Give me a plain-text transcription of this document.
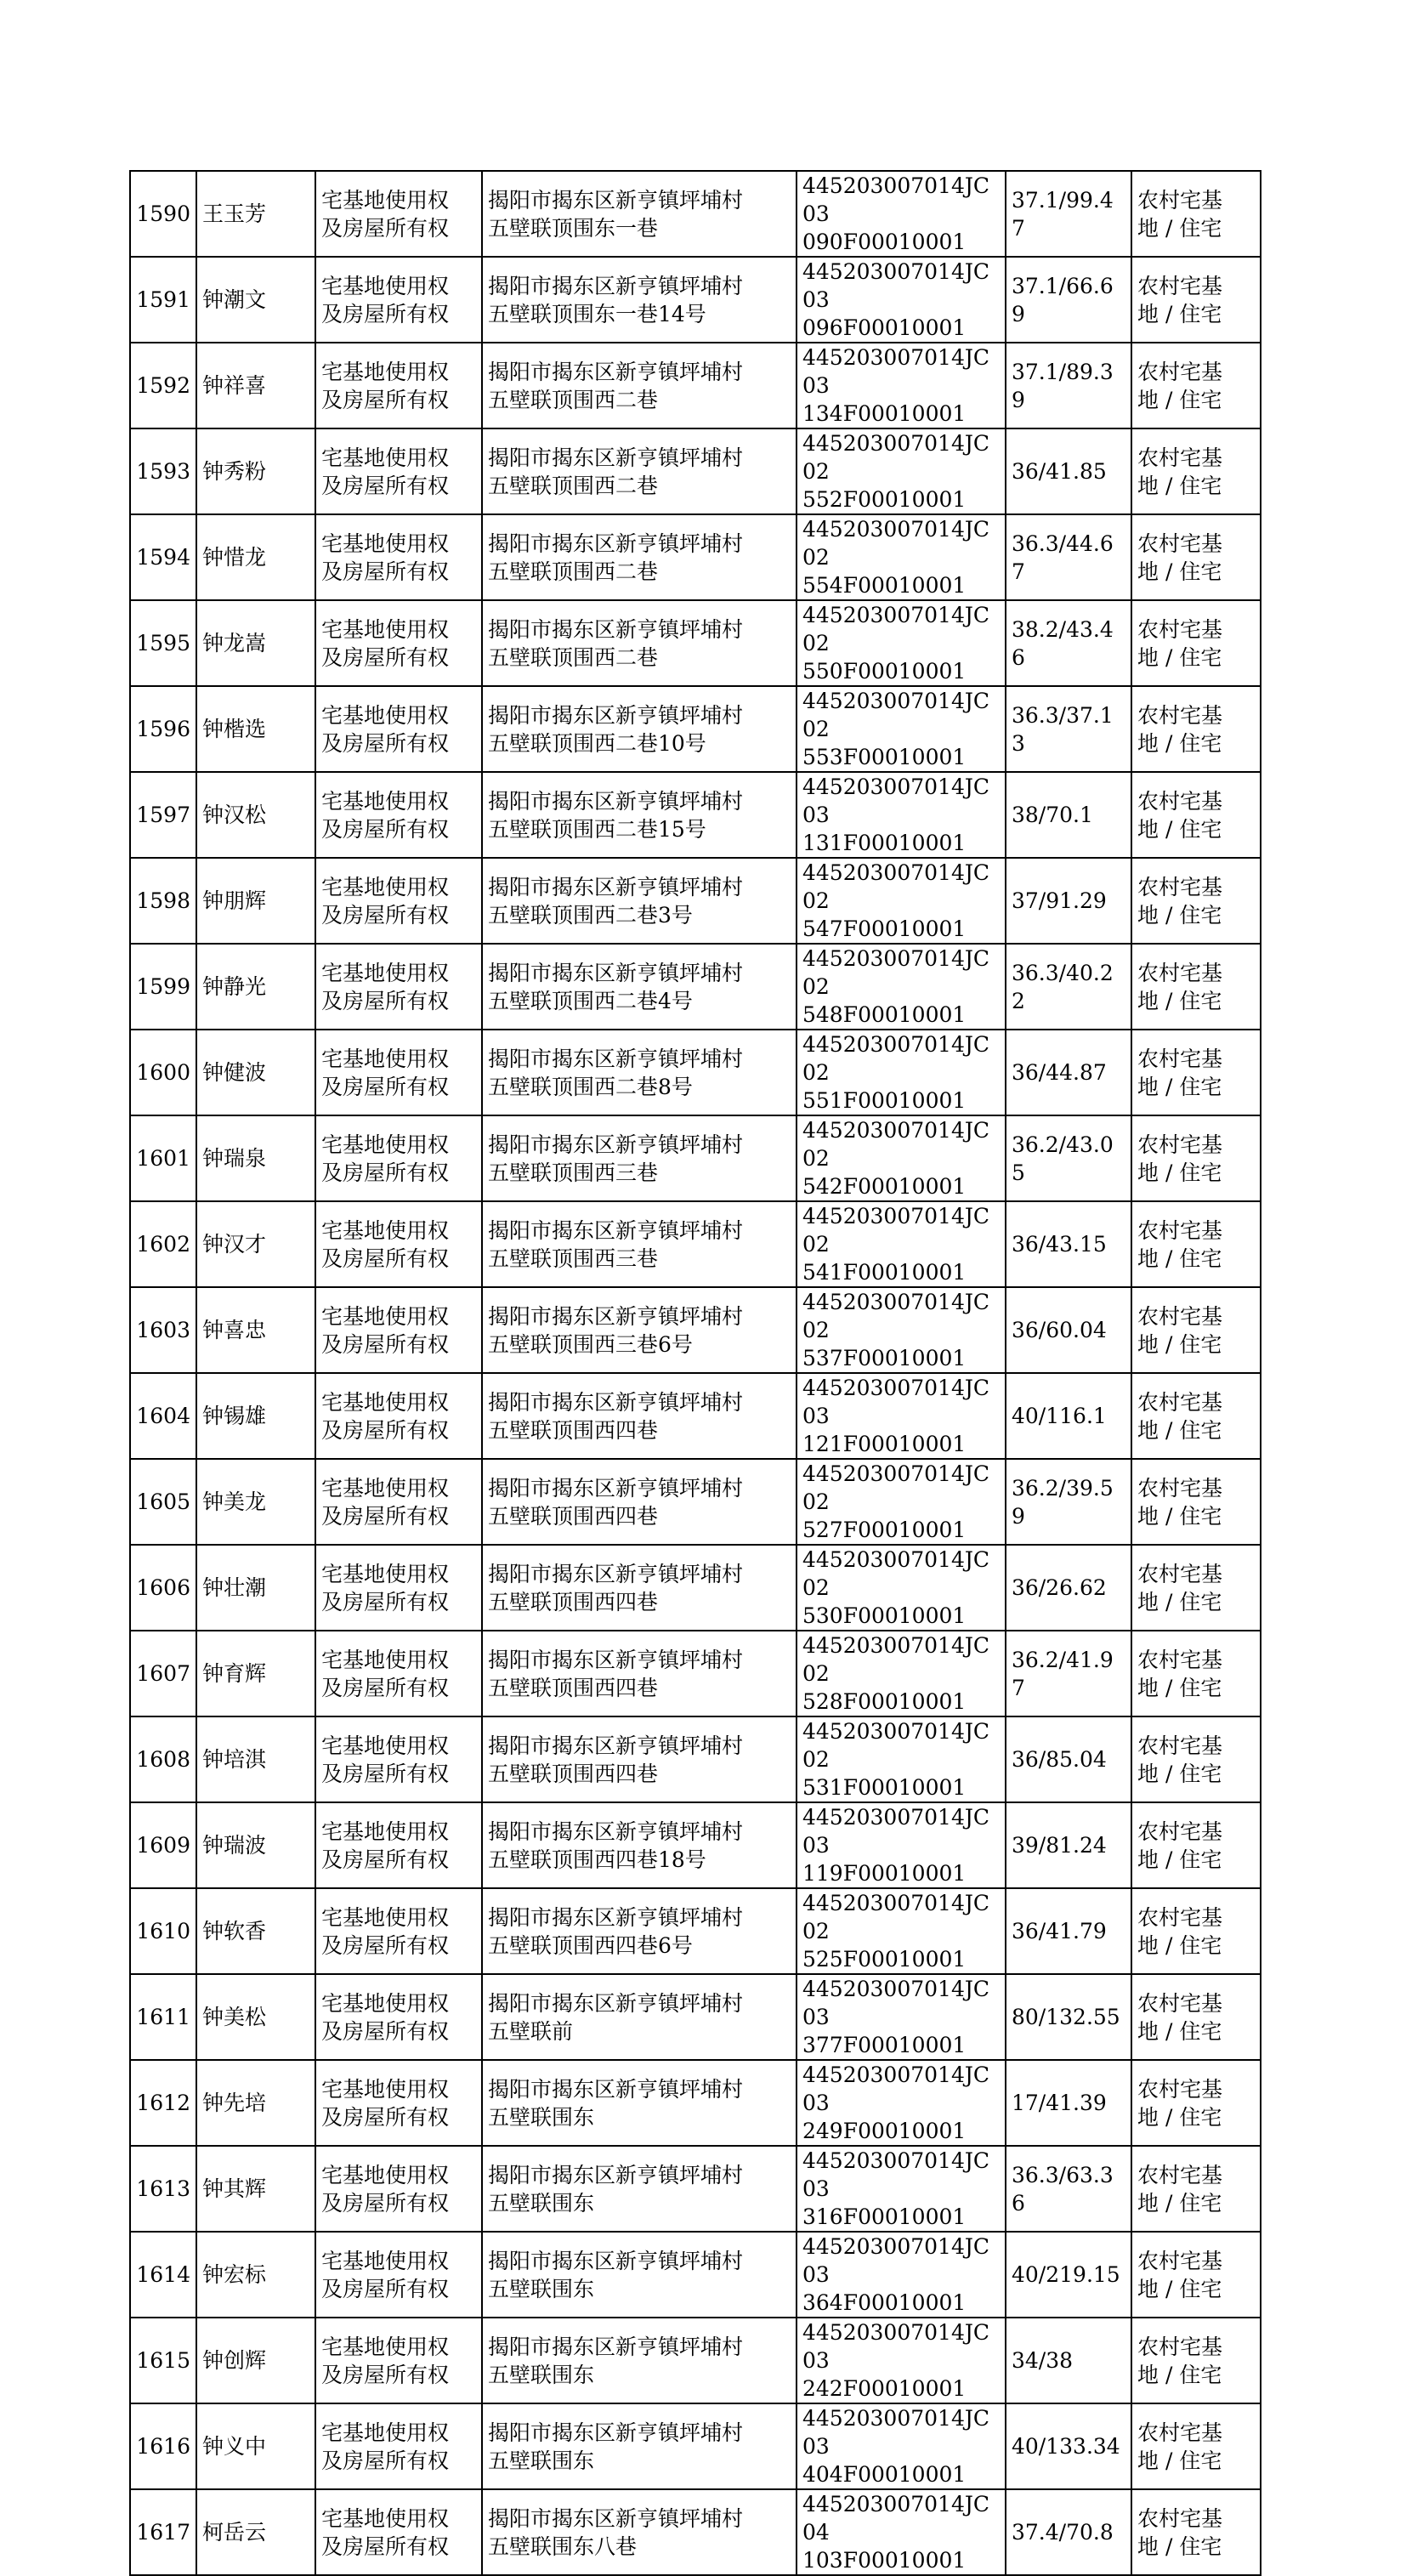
1590	王玉芳	宅基地使用权
及房屋所有权	揭阳市揭东区新亨镇坪埔村
五壁联顶围东一巷	445203007014JC03
090F00010001	37.1/99.4
7	农村宅基
地 / 住宅

1591	钟潮文	宅基地使用权
及房屋所有权	揭阳市揭东区新亨镇坪埔村
五壁联顶围东一巷14号	445203007014JC03
096F00010001	37.1/66.6
9	农村宅基
地 / 住宅

1592	钟祥喜	宅基地使用权
及房屋所有权	揭阳市揭东区新亨镇坪埔村
五壁联顶围西二巷	445203007014JC03
134F00010001	37.1/89.3
9	农村宅基
地 / 住宅

1593	钟秀粉	宅基地使用权
及房屋所有权	揭阳市揭东区新亨镇坪埔村
五壁联顶围西二巷	445203007014JC02
552F00010001	36/41.85	农村宅基
地 / 住宅

1594	钟惜龙	宅基地使用权
及房屋所有权	揭阳市揭东区新亨镇坪埔村
五壁联顶围西二巷	445203007014JC02
554F00010001	36.3/44.6
7	农村宅基
地 / 住宅

1595	钟龙嵩	宅基地使用权
及房屋所有权	揭阳市揭东区新亨镇坪埔村
五壁联顶围西二巷	445203007014JC02
550F00010001	38.2/43.4
6	农村宅基
地 / 住宅

1596	钟楷选	宅基地使用权
及房屋所有权	揭阳市揭东区新亨镇坪埔村
五壁联顶围西二巷10号	445203007014JC02
553F00010001	36.3/37.1
3	农村宅基
地 / 住宅

1597	钟汉松	宅基地使用权
及房屋所有权	揭阳市揭东区新亨镇坪埔村
五壁联顶围西二巷15号	445203007014JC03
131F00010001	38/70.1	农村宅基
地 / 住宅

1598	钟朋辉	宅基地使用权
及房屋所有权	揭阳市揭东区新亨镇坪埔村
五壁联顶围西二巷3号	445203007014JC02
547F00010001	37/91.29	农村宅基
地 / 住宅

1599	钟静光	宅基地使用权
及房屋所有权	揭阳市揭东区新亨镇坪埔村
五壁联顶围西二巷4号	445203007014JC02
548F00010001	36.3/40.2
2	农村宅基
地 / 住宅

1600	钟健波	宅基地使用权
及房屋所有权	揭阳市揭东区新亨镇坪埔村
五壁联顶围西二巷8号	445203007014JC02
551F00010001	36/44.87	农村宅基
地 / 住宅

1601	钟瑞泉	宅基地使用权
及房屋所有权	揭阳市揭东区新亨镇坪埔村
五壁联顶围西三巷	445203007014JC02
542F00010001	36.2/43.0
5	农村宅基
地 / 住宅

1602	钟汉才	宅基地使用权
及房屋所有权	揭阳市揭东区新亨镇坪埔村
五壁联顶围西三巷	445203007014JC02
541F00010001	36/43.15	农村宅基
地 / 住宅

1603	钟喜忠	宅基地使用权
及房屋所有权	揭阳市揭东区新亨镇坪埔村
五壁联顶围西三巷6号	445203007014JC02
537F00010001	36/60.04	农村宅基
地 / 住宅

1604	钟锡雄	宅基地使用权
及房屋所有权	揭阳市揭东区新亨镇坪埔村
五壁联顶围西四巷	445203007014JC03
121F00010001	40/116.1	农村宅基
地 / 住宅

1605	钟美龙	宅基地使用权
及房屋所有权	揭阳市揭东区新亨镇坪埔村
五壁联顶围西四巷	445203007014JC02
527F00010001	36.2/39.5
9	农村宅基
地 / 住宅

1606	钟壮潮	宅基地使用权
及房屋所有权	揭阳市揭东区新亨镇坪埔村
五壁联顶围西四巷	445203007014JC02
530F00010001	36/26.62	农村宅基
地 / 住宅

1607	钟育辉	宅基地使用权
及房屋所有权	揭阳市揭东区新亨镇坪埔村
五壁联顶围西四巷	445203007014JC02
528F00010001	36.2/41.9
7	农村宅基
地 / 住宅

1608	钟培淇	宅基地使用权
及房屋所有权	揭阳市揭东区新亨镇坪埔村
五壁联顶围西四巷	445203007014JC02
531F00010001	36/85.04	农村宅基
地 / 住宅

1609	钟瑞波	宅基地使用权
及房屋所有权	揭阳市揭东区新亨镇坪埔村
五壁联顶围西四巷18号	445203007014JC03
119F00010001	39/81.24	农村宅基
地 / 住宅

1610	钟软香	宅基地使用权
及房屋所有权	揭阳市揭东区新亨镇坪埔村
五壁联顶围西四巷6号	445203007014JC02
525F00010001	36/41.79	农村宅基
地 / 住宅

1611	钟美松	宅基地使用权
及房屋所有权	揭阳市揭东区新亨镇坪埔村
五壁联前	445203007014JC03
377F00010001	80/132.55	农村宅基
地 / 住宅

1612	钟先培	宅基地使用权
及房屋所有权	揭阳市揭东区新亨镇坪埔村
五壁联围东	445203007014JC03
249F00010001	17/41.39	农村宅基
地 / 住宅

1613	钟其辉	宅基地使用权
及房屋所有权	揭阳市揭东区新亨镇坪埔村
五壁联围东	445203007014JC03
316F00010001	36.3/63.3
6	农村宅基
地 / 住宅

1614	钟宏标	宅基地使用权
及房屋所有权	揭阳市揭东区新亨镇坪埔村
五壁联围东	445203007014JC03
364F00010001	40/219.15	农村宅基
地 / 住宅

1615	钟创辉	宅基地使用权
及房屋所有权	揭阳市揭东区新亨镇坪埔村
五壁联围东	445203007014JC03
242F00010001	34/38	农村宅基
地 / 住宅

1616	钟义中	宅基地使用权
及房屋所有权	揭阳市揭东区新亨镇坪埔村
五壁联围东	445203007014JC03
404F00010001	40/133.34	农村宅基
地 / 住宅

1617	柯岳云	宅基地使用权
及房屋所有权	揭阳市揭东区新亨镇坪埔村
五壁联围东八巷	445203007014JC04
103F00010001	37.4/70.8	农村宅基
地 / 住宅
